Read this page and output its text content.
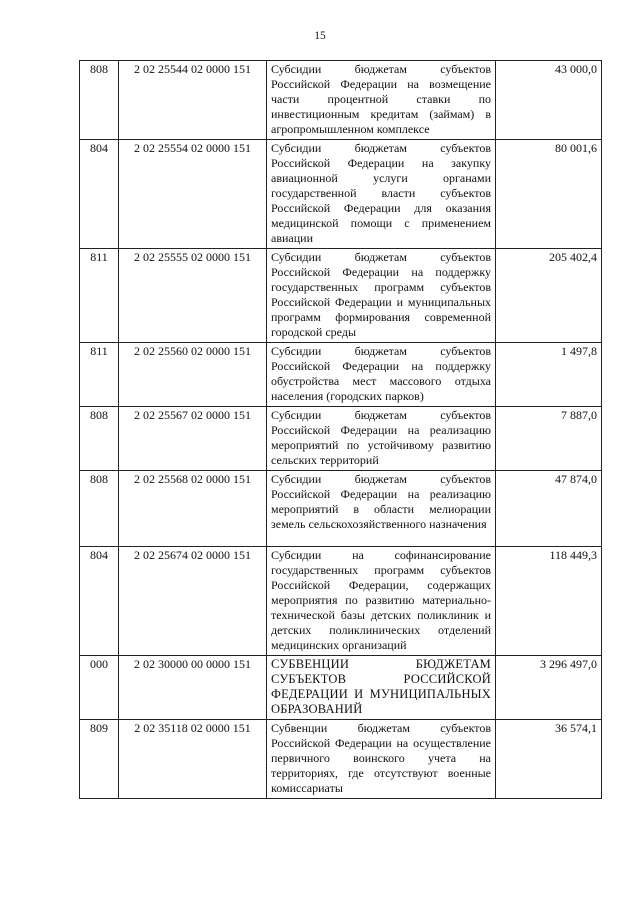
15
808	2 02 25544 02 0000 151	Субсидии бюджетам субъектов Российской Федерации на возмещение части процентной ставки по инвестиционным кредитам (займам) в агропромышленном комплексе	43 000,0
804	2 02 25554 02 0000 151	Субсидии бюджетам субъектов Российской Федерации на закупку авиационной услуги органами государственной власти субъектов Российской Федерации для оказания медицинской помощи с применением авиации	80 001,6
811	2 02 25555 02 0000 151	Субсидии бюджетам субъектов Российской Федерации на поддержку государственных программ субъектов Российской Федерации и муниципальных программ формирования современной городской среды	205 402,4
811	2 02 25560 02 0000 151	Субсидии бюджетам субъектов Российской Федерации на поддержку обустройства мест массового отдыха населения (городских парков)	1 497,8
808	2 02 25567 02 0000 151	Субсидии бюджетам субъектов Российской Федерации на реализацию мероприятий по устойчивому развитию сельских территорий	7 887,0
808	2 02 25568 02 0000 151	Субсидии бюджетам субъектов Российской Федерации на реализацию мероприятий в области мелиорации земель сельскохозяйственного назначения	47 874,0
804	2 02 25674 02 0000 151	Субсидии на софинансирование государственных программ субъектов Российской Федерации, содержащих мероприятия по развитию материально-технической базы детских поликлиник и детских поликлинических отделений медицинских организаций	118 449,3
000	2 02 30000 00 0000 151	СУБВЕНЦИИ БЮДЖЕТАМ СУБЪЕКТОВ РОССИЙСКОЙ ФЕДЕРАЦИИ И МУНИЦИПАЛЬНЫХ ОБРАЗОВАНИЙ	3 296 497,0
809	2 02 35118 02 0000 151	Субвенции бюджетам субъектов Российской Федерации на осуществление первичного воинского учета на территориях, где отсутствуют военные комиссариаты	36 574,1
